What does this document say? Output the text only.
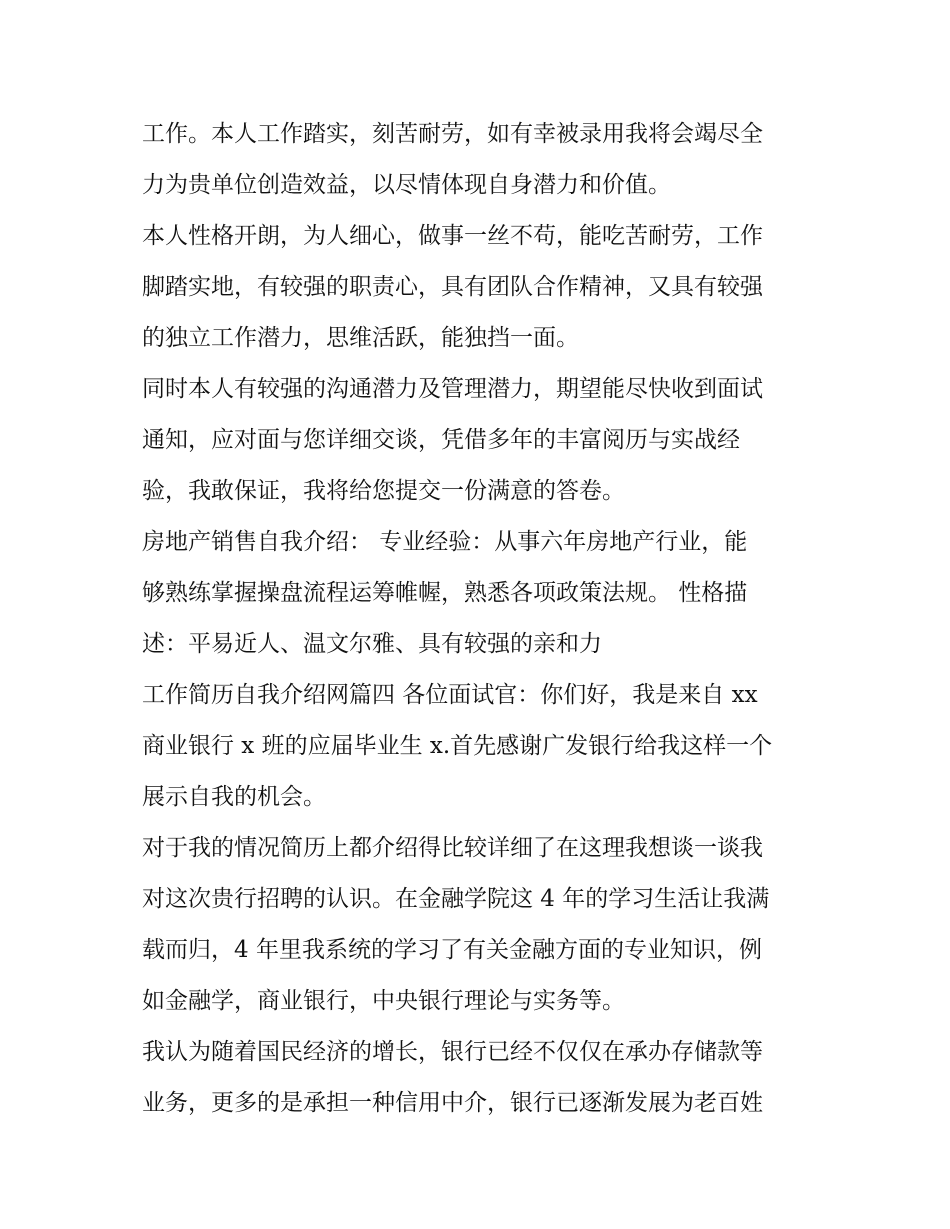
工作。本人工作踏实，刻苦耐劳，如有幸被录用我将会竭尽全
力为贵单位创造效益，以尽情体现自身潜力和价值。
本人性格开朗，为人细心，做事一丝不苟，能吃苦耐劳，工作
脚踏实地，有较强的职责心，具有团队合作精神，又具有较强
的独立工作潜力，思维活跃，能独挡一面。
同时本人有较强的沟通潜力及管理潜力，期望能尽快收到面试
通知，应对面与您详细交谈，凭借多年的丰富阅历与实战经
验，我敢保证，我将给您提交一份满意的答卷。
房地产销售自我介绍： 专业经验：从事六年房地产行业，能
够熟练掌握操盘流程运筹帷幄，熟悉各项政策法规。 性格描
述：平易近人、温文尔雅、具有较强的亲和力
工作简历自我介绍网篇四 各位面试官：你们好，我是来自 xx
商业银行 x 班的应届毕业生 x.首先感谢广发银行给我这样一个
展示自我的机会。
对于我的情况简历上都介绍得比较详细了在这理我想谈一谈我
对这次贵行招聘的认识。在金融学院这 4 年的学习生活让我满
载而归，4 年里我系统的学习了有关金融方面的专业知识，例
如金融学，商业银行，中央银行理论与实务等。
我认为随着国民经济的增长，银行已经不仅仅在承办存储款等
业务，更多的是承担一种信用中介，银行已逐渐发展为老百姓
